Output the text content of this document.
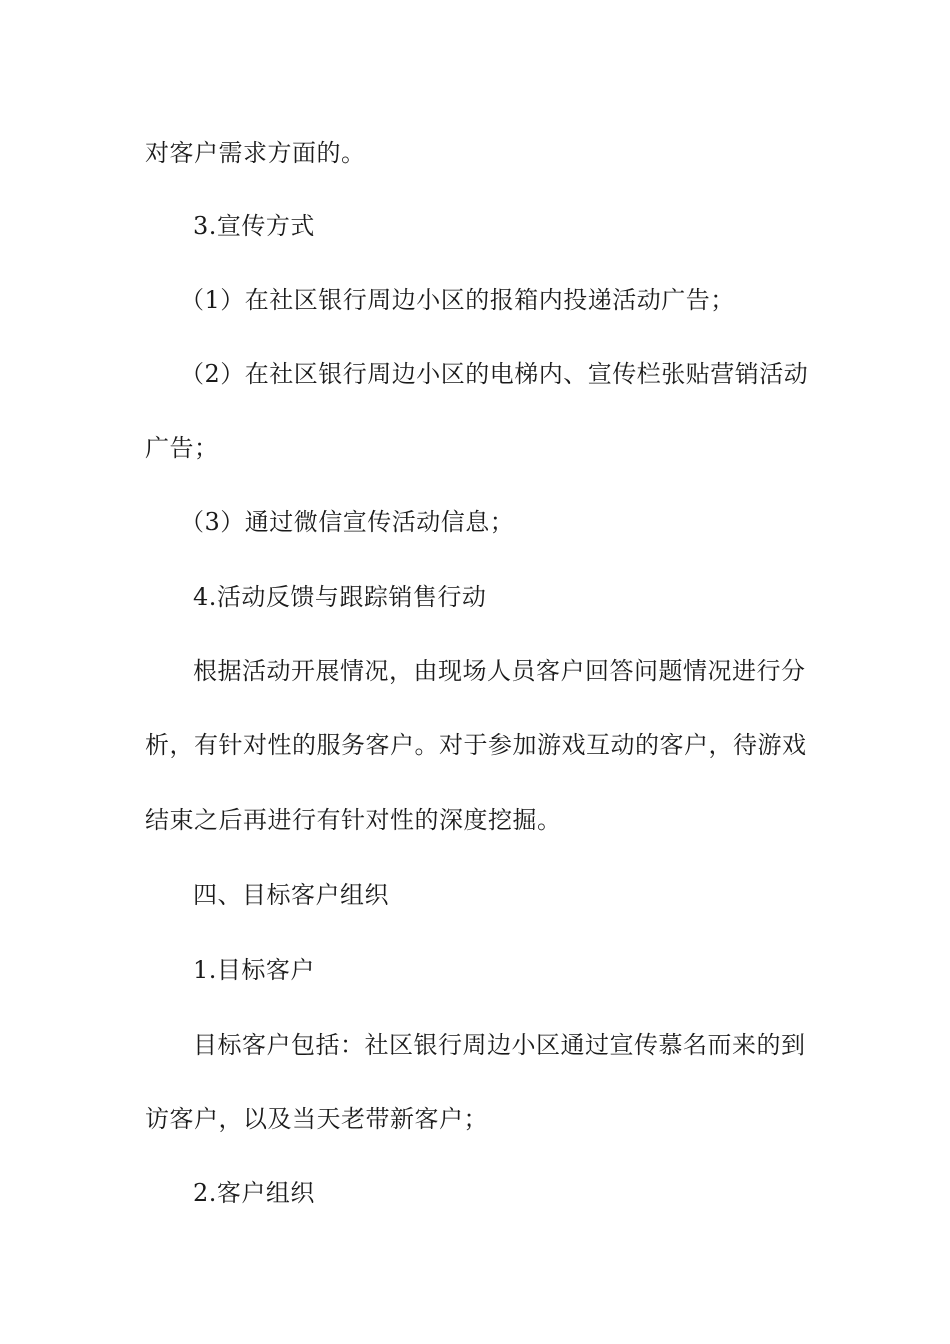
对客户需求方面的。
3.宣传方式
（1）在社区银行周边小区的报箱内投递活动广告；
（2）在社区银行周边小区的电梯内、宣传栏张贴营销活动
广告；
（3）通过微信宣传活动信息；
4.活动反馈与跟踪销售行动
根据活动开展情况，由现场人员客户回答问题情况进行分
析，有针对性的服务客户。对于参加游戏互动的客户，待游戏
结束之后再进行有针对性的深度挖掘。
四、目标客户组织
1.目标客户
目标客户包括：社区银行周边小区通过宣传慕名而来的到
访客户，以及当天老带新客户；
2.客户组织
